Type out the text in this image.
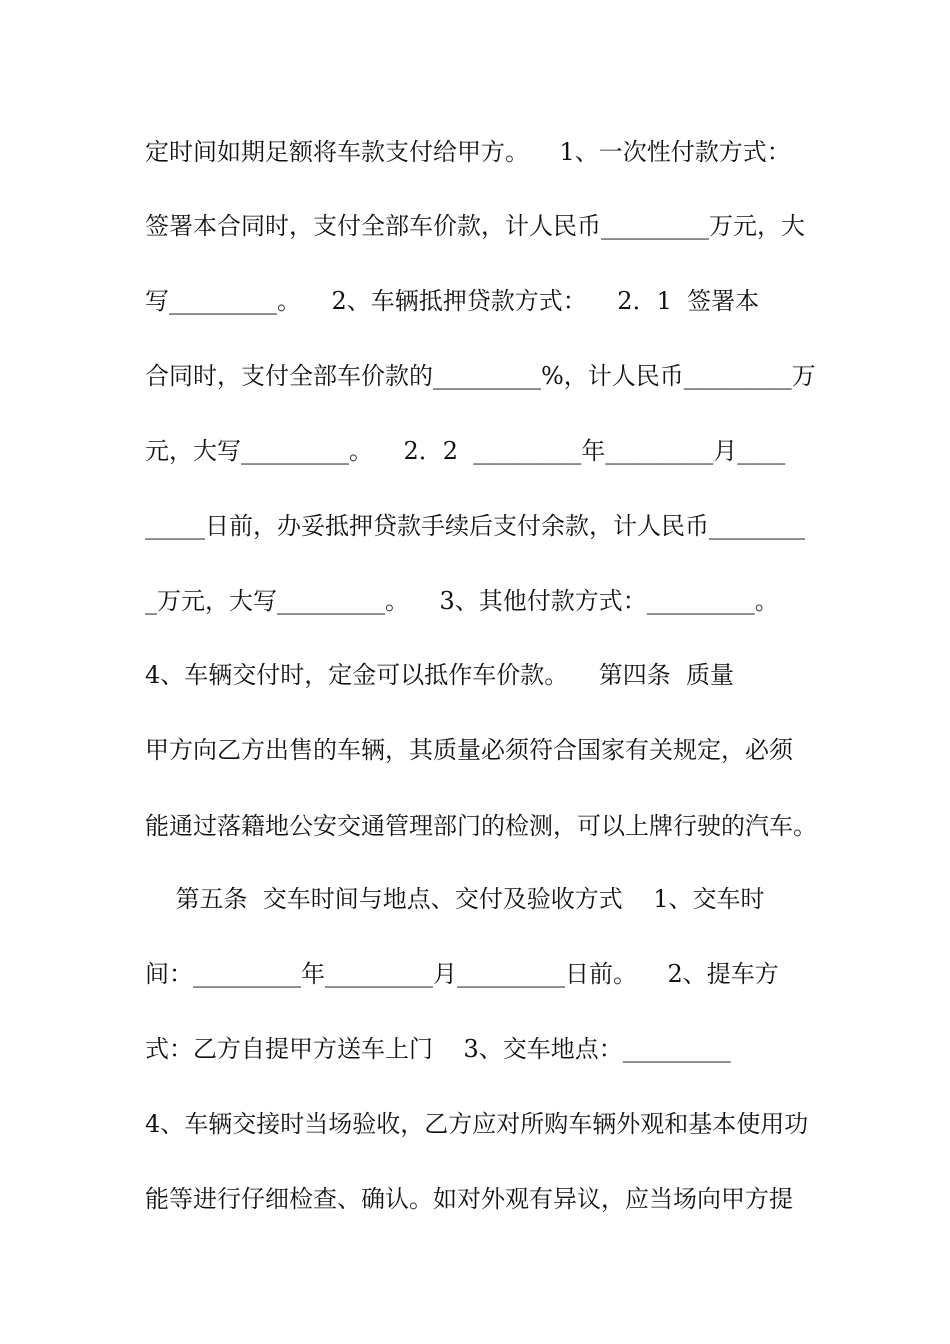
定时间如期足额将车款支付给甲方。    1、一次性付款方式：
签署本合同时，支付全部车价款，计人民币_________万元，大
写_________。    2、车辆抵押贷款方式：    2．1  签署本
合同时，支付全部车价款的_________%，计人民币_________万
元，大写_________。    2．2  _________年_________月____
_____日前，办妥抵押贷款手续后支付余款，计人民币________
_万元，大写_________。    3、其他付款方式：_________。
4、车辆交付时，定金可以抵作车价款。    第四条  质量
甲方向乙方出售的车辆，其质量必须符合国家有关规定，必须
能通过落籍地公安交通管理部门的检测，可以上牌行驶的汽车。
第五条  交车时间与地点、交付及验收方式    1、交车时
间：_________年_________月_________日前。    2、提车方
式：乙方自提甲方送车上门    3、交车地点：_________
4、车辆交接时当场验收，乙方应对所购车辆外观和基本使用功
能等进行仔细检查、确认。如对外观有异议，应当场向甲方提
